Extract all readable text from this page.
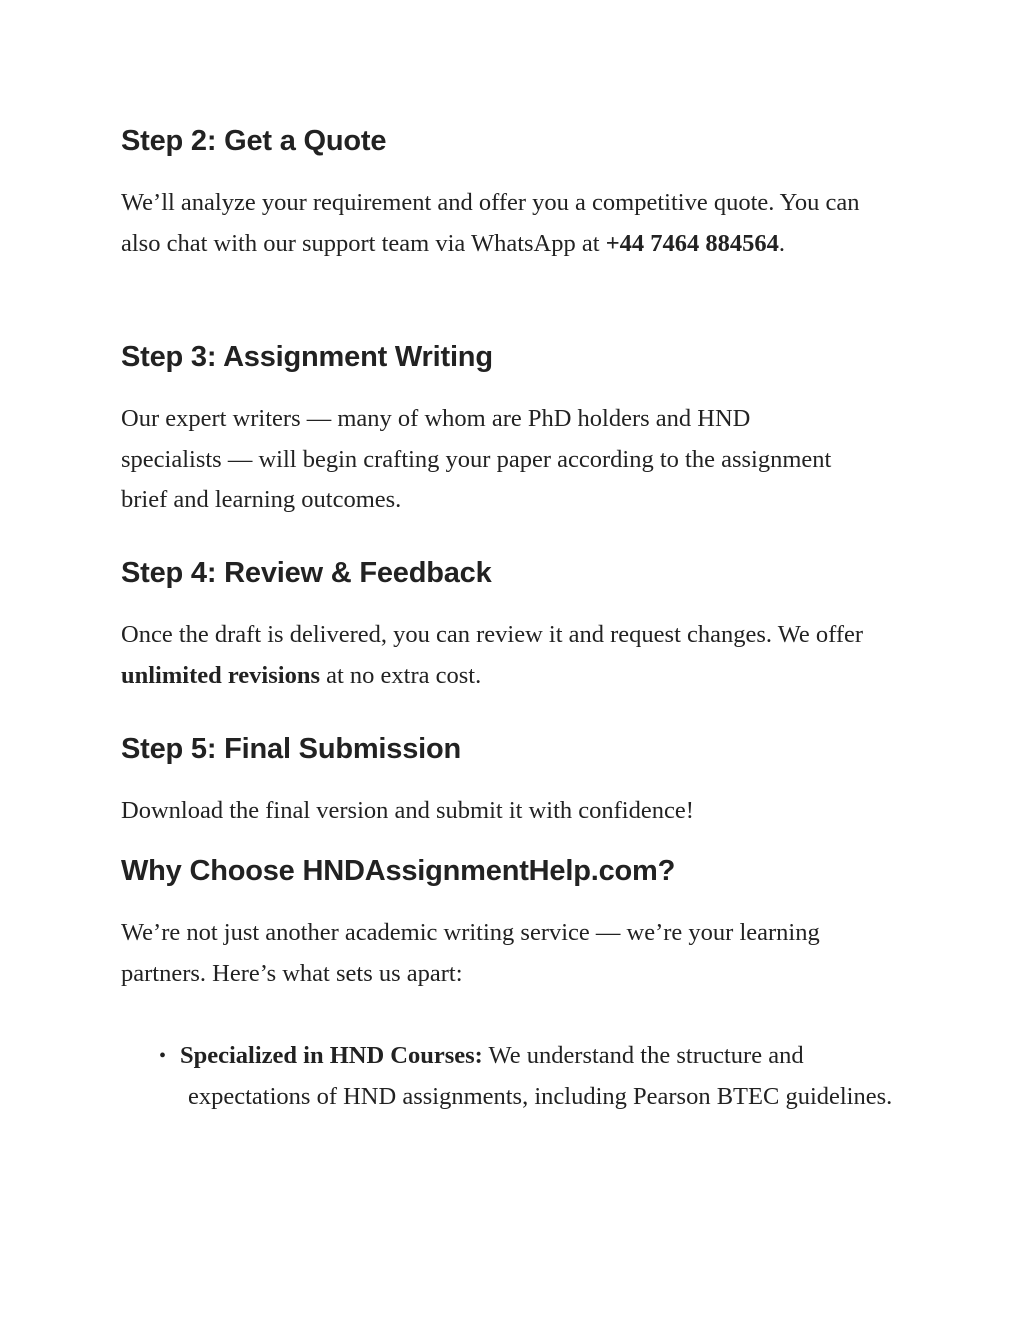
Step 2: Get a Quote

We’ll analyze your requirement and offer you a competitive quote. You can also chat with our support team via WhatsApp at +44 7464 884564.

Step 3: Assignment Writing

Our expert writers — many of whom are PhD holders and HND specialists — will begin crafting your paper according to the assignment brief and learning outcomes.

Step 4: Review & Feedback

Once the draft is delivered, you can review it and request changes. We offer unlimited revisions at no extra cost.

Step 5: Final Submission

Download the final version and submit it with confidence!

Why Choose HNDAssignmentHelp.com?

We’re not just another academic writing service — we’re your learning partners. Here’s what sets us apart:

• Specialized in HND Courses: We understand the structure and expectations of HND assignments, including Pearson BTEC guidelines.
